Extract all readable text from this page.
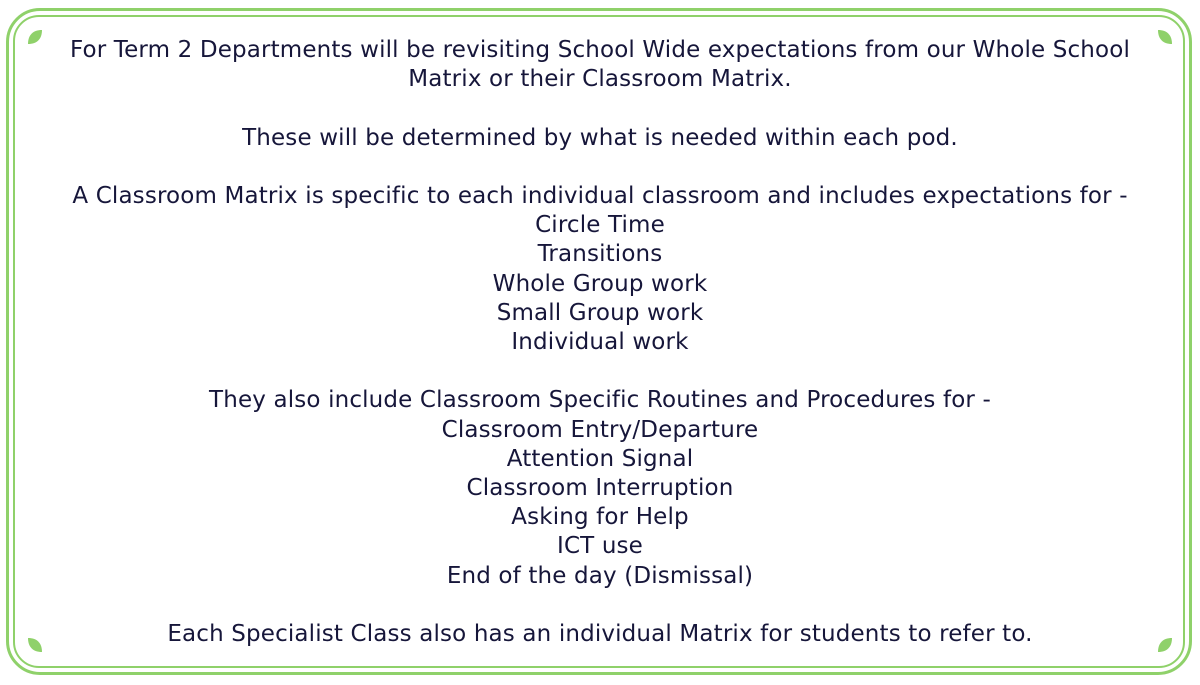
For Term 2 Departments will be revisiting School Wide expectations from our Whole School

Matrix or their Classroom Matrix.

These will be determined by what is needed within each pod.

A Classroom Matrix is specific to each individual classroom and includes expectations for -

Circle Time

Transitions

Whole Group work

Small Group work

Individual work

They also include Classroom Specific Routines and Procedures for -

Classroom Entry/Departure

Attention Signal

Classroom Interruption

Asking for Help

ICT use

End of the day (Dismissal)

Each Specialist Class also has an individual Matrix for students to refer to.
